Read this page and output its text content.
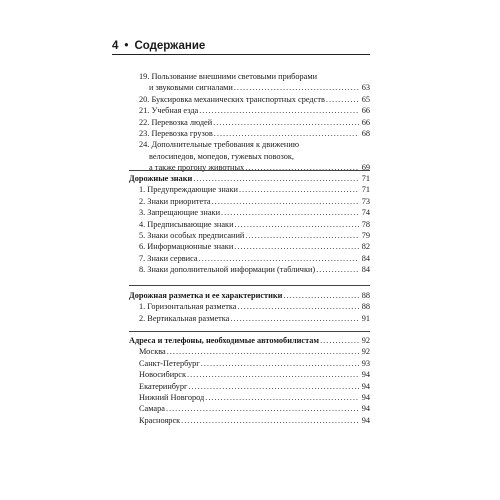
4 • Содержание
19. Пользование внешними световыми приборами
и звуковыми сигналами .....	63
20. Буксировка механических транспортных средств .....	65
21. Учебная езда .....	66
22. Перевозка людей .....	66
23. Перевозка грузов .....	68
24. Дополнительные требования к движению
велосипедов, мопедов, гужевых повозок,
а также прогону животных .....	69
Дорожные знаки .....	71
1. Предупреждающие знаки .....	71
2. Знаки приоритета .....	73
3. Запрещающие знаки .....	74
4. Предписывающие знаки .....	78
5. Знаки особых предписаний .....	79
6. Информационные знаки .....	82
7. Знаки сервиса .....	84
8. Знаки дополнительной информации (таблички) .....	84
Дорожная разметка и ее характеристики .....	88
1. Горизонтальная разметка .....	88
2. Вертикальная разметка .....	91
Адреса и телефоны, необходимые автомобилистам .....	92
Москва .....	92
Санкт-Петербург .....	93
Новосибирск .....	94
Екатеринбург .....	94
Нижний Новгород .....	94
Самара .....	94
Красноярск .....	94
